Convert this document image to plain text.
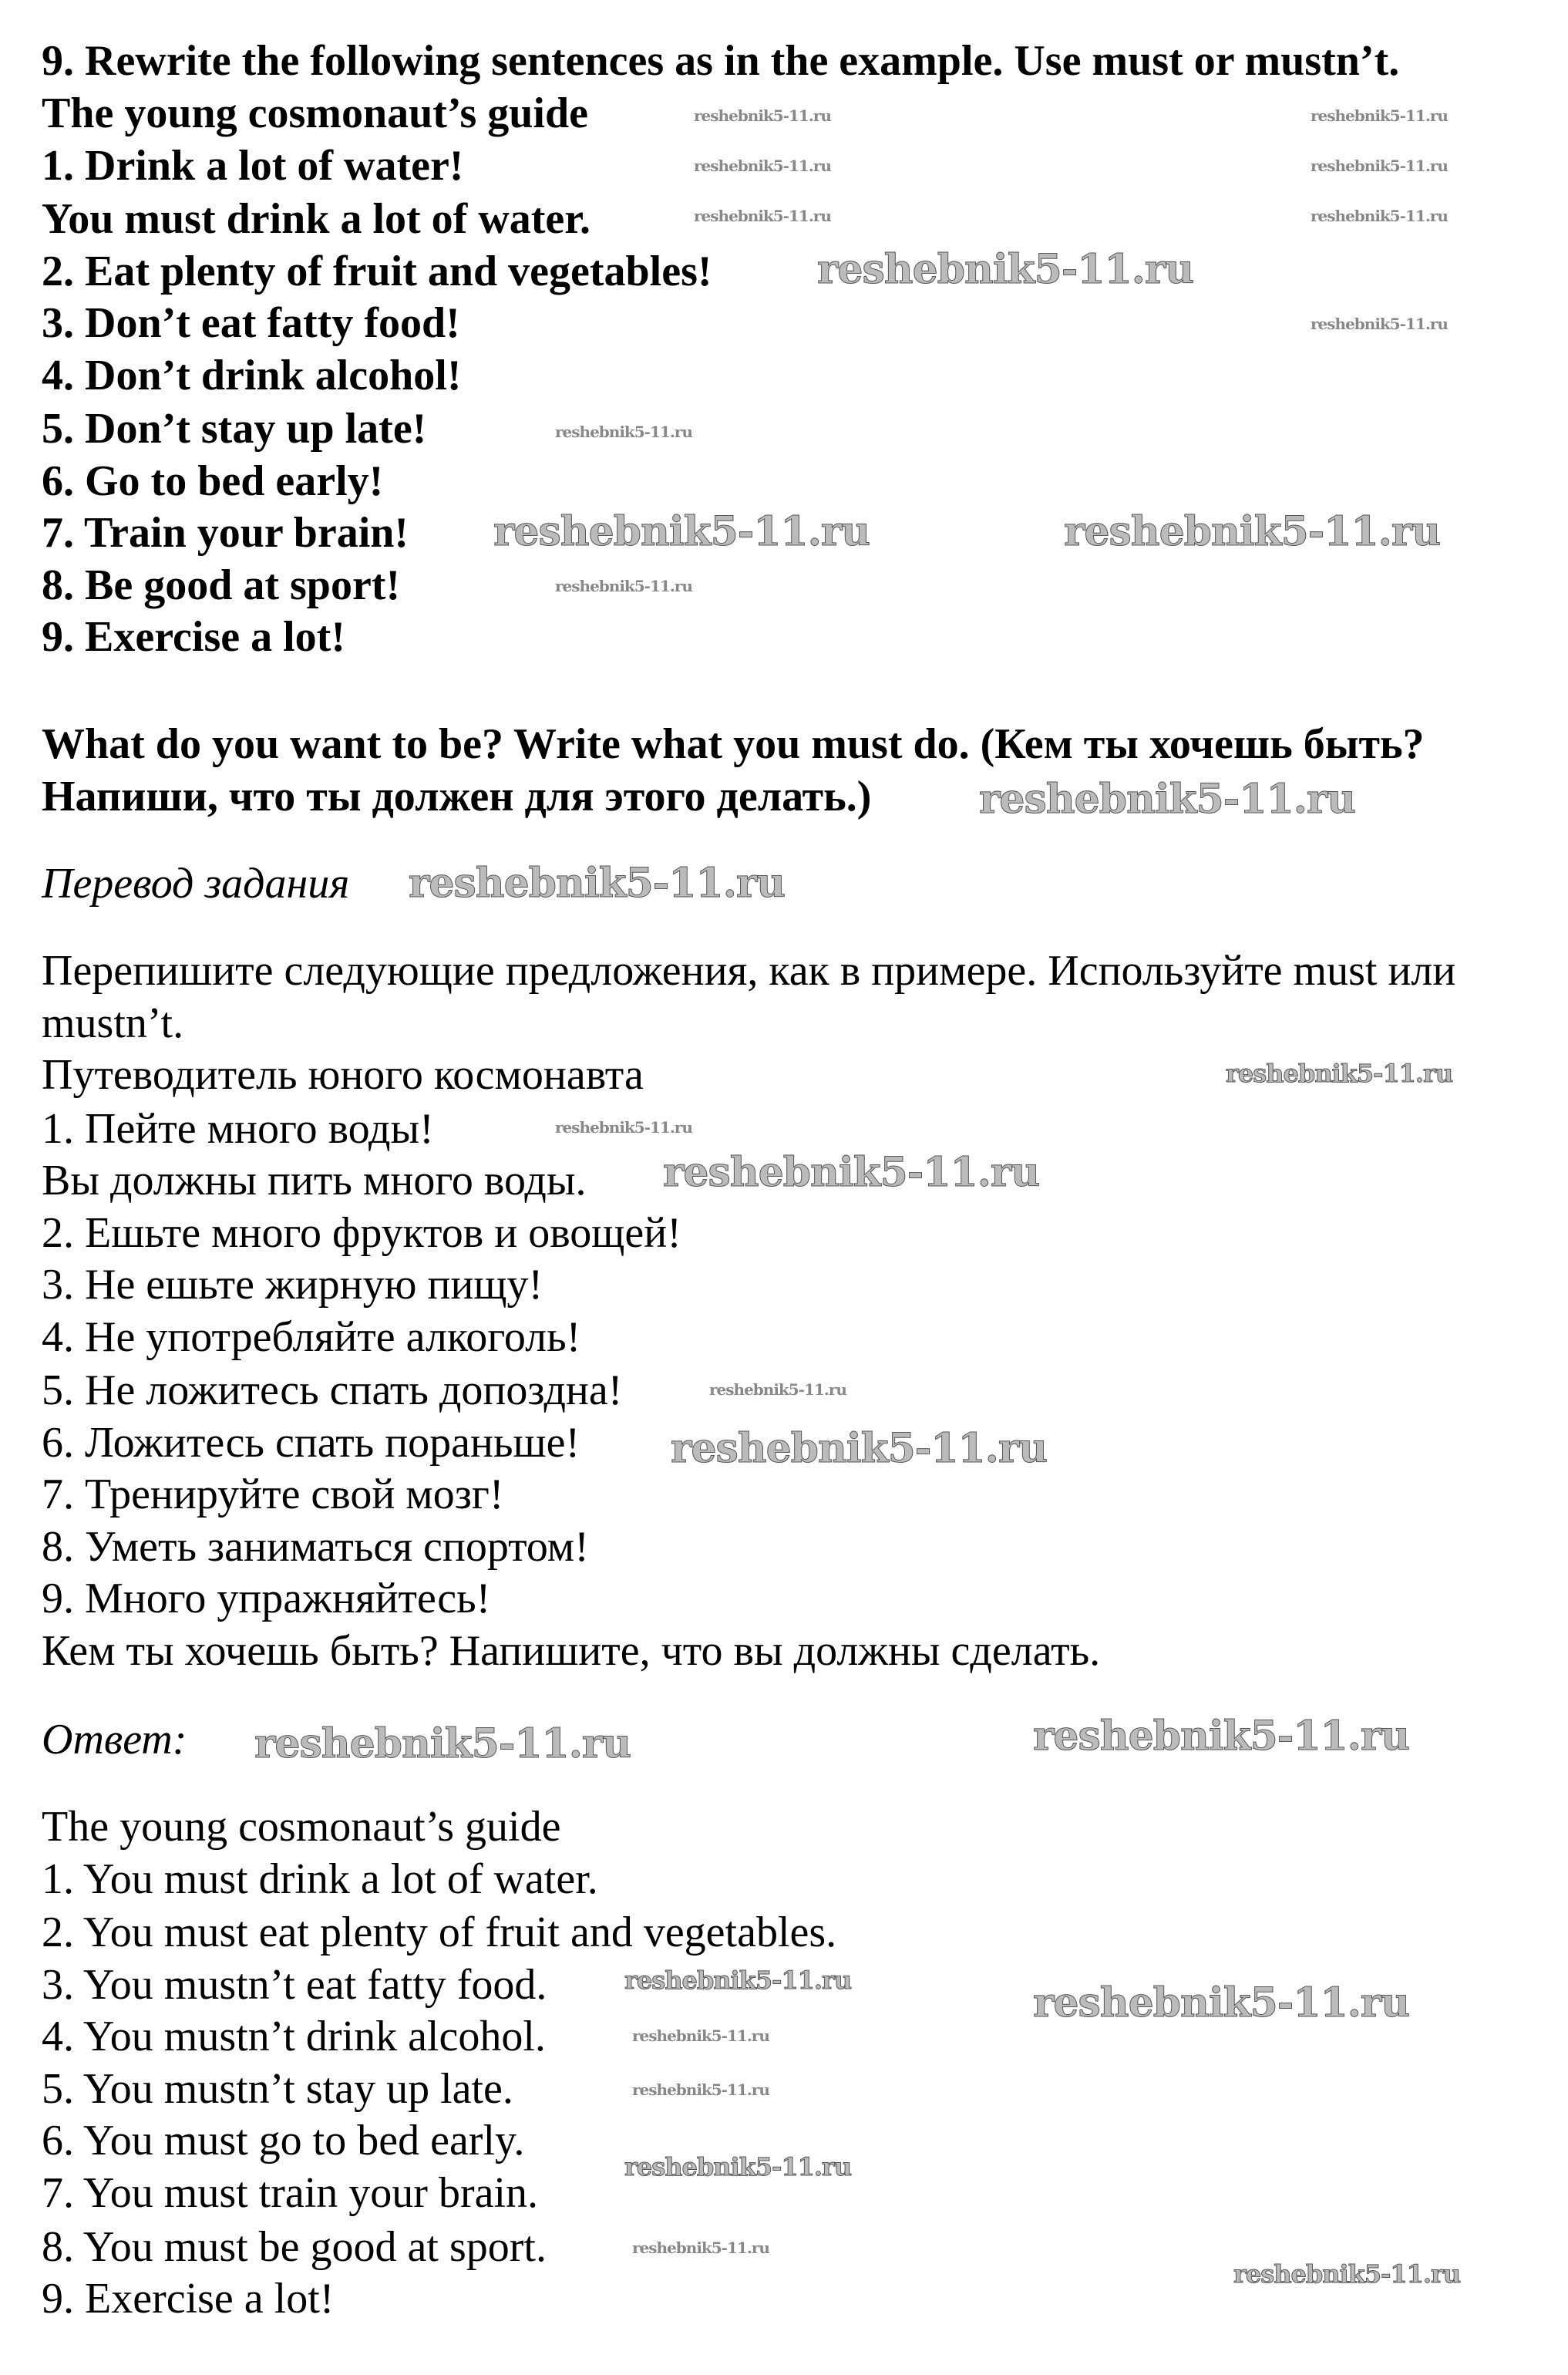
9. Rewrite the following sentences as in the example. Use must or mustn’t.
The young cosmonaut’s guide
1. Drink a lot of water!
You must drink a lot of water.
2. Eat plenty of fruit and vegetables!
3. Don’t eat fatty food!
4. Don’t drink alcohol!
5. Don’t stay up late!
6. Go to bed early!
7. Train your brain!
8. Be good at sport!
9. Exercise a lot!
What do you want to be? Write what you must do. (Кем ты хочешь быть?
Напиши, что ты должен для этого делать.)
Перевод задания
Перепишите следующие предложения, как в примере. Используйте must или
mustn’t.
Путеводитель юного космонавта
1. Пейте много воды!
Вы должны пить много воды.
2. Ешьте много фруктов и овощей!
3. Не ешьте жирную пищу!
4. Не употребляйте алкоголь!
5. Не ложитесь спать допоздна!
6. Ложитесь спать пораньше!
7. Тренируйте свой мозг!
8. Уметь заниматься спортом!
9. Много упражняйтесь!
Кем ты хочешь быть? Напишите, что вы должны сделать.
Ответ:
The young cosmonaut’s guide
1. You must drink a lot of water.
2. You must eat plenty of fruit and vegetables.
3. You mustn’t eat fatty food.
4. You mustn’t drink alcohol.
5. You mustn’t stay up late.
6. You must go to bed early.
7. You must train your brain.
8. You must be good at sport.
9. Exercise a lot!
reshebnik5-11.ru
reshebnik5-11.ru	reshebnik5-11.ru
reshebnik5-11.ru
reshebnik5-11.ru
reshebnik5-11.ru
reshebnik5-11.ru
reshebnik5-11.ru	reshebnik5-11.ru
reshebnik5-11.ru
reshebnik5-11.ru
reshebnik5-11.ru
reshebnik5-11.ru
reshebnik5-11.ru
reshebnik5-11.ru	reshebnik5-11.ru
reshebnik5-11.ru	reshebnik5-11.ru
reshebnik5-11.ru	reshebnik5-11.ru
reshebnik5-11.ru
reshebnik5-11.ru
reshebnik5-11.ru
reshebnik5-11.ru
reshebnik5-11.ru
reshebnik5-11.ru
reshebnik5-11.ru
reshebnik5-11.ru
